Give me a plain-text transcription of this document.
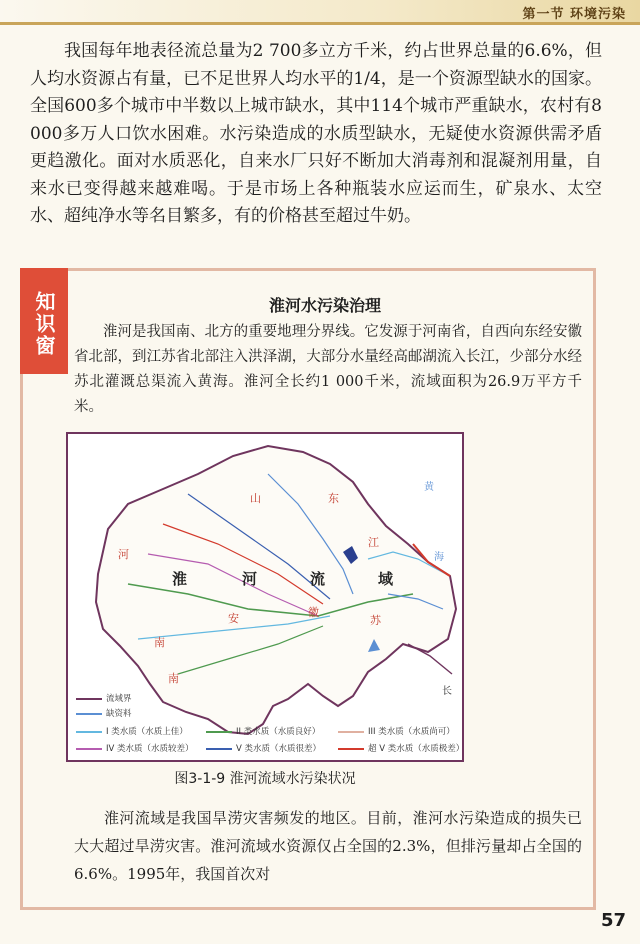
第一节 环境污染

我国每年地表径流总量为2 700多立方千米，约占世界总量的6.6%，但人均水资源占有量，已不足世界人均水平的1/4，是一个资源型缺水的国家。全国600多个城市中半数以上城市缺水，其中114个城市严重缺水，农村有8 000多万人口饮水困难。水污染造成的水质型缺水，无疑使水资源供需矛盾更趋激化。面对水质恶化，自来水厂只好不断加大消毒剂和混凝剂用量，自来水已变得越来越难喝。于是市场上各种瓶装水应运而生，矿泉水、太空水、超纯净水等名目繁多，有的价格甚至超过牛奶。

知识窗	淮河水污染治理

淮河是我国南、北方的重要地理分界线。它发源于河南省，自西向东经安徽省北部，到江苏省北部注入洪泽湖，大部分水量经高邮湖流入长江，少部分水经苏北灌溉总渠流入黄海。淮河全长约1 000千米，流域面积为26.9万平方千米。

淮	河	流	域
河
南
山	东
安	徽
江
苏
黄
海
长
南
流域界
缺资料
I 类水质（水质上佳）	II 类水质（水质良好）	III 类水质（水质尚可）
IV 类水质（水质较差）	V 类水质（水质很差）	超 V 类水质（水质极差）
图3-1-9 淮河流域水污染状况

淮河流域是我国旱涝灾害频发的地区。目前，淮河水污染造成的损失已大大超过旱涝灾害。淮河流域水资源仅占全国的2.3%，但排污量却占全国的6.6%。1995年，我国首次对

57
